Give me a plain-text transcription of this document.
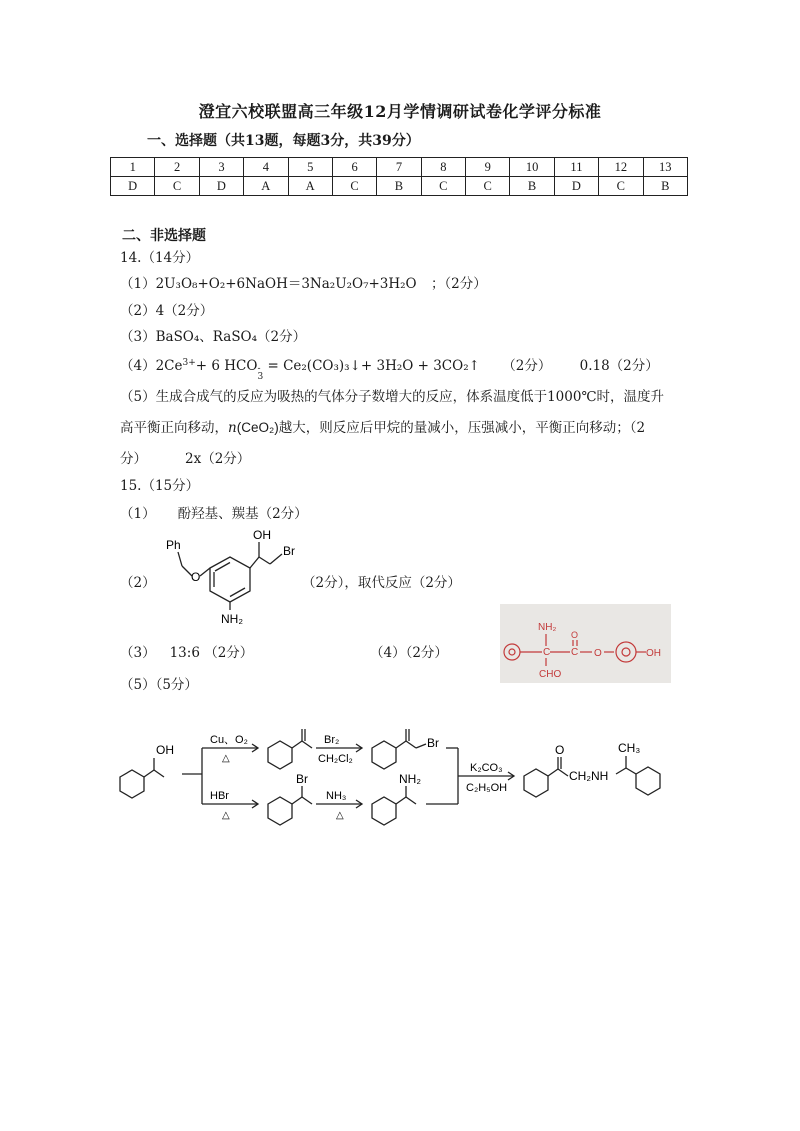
澄宜六校联盟高三年级12月学情调研试卷化学评分标准
一、选择题（共13题，每题3分，共39分）
1	2	3	4	5	6	7	8	9	10	11	12	13
D	C	D	A	A	C	B	C	C	B	D	C	B
二、非选择题
14.（14分）
（1）2U₃O₈+O₂+6NaOH＝3Na₂U₂O₇+3H₂O ；（2分）
（2）4（2分）
（3）BaSO₄、RaSO₄（2分）
$(4)2Ce^{3+}+ 6$ HCO -
3
= Ce₂(CO₃)₃↓+ 3H₂O + 3CO₂↑ （2分） 0.18（2分）
（5）生成合成气的反应为吸热的气体分子数增大的反应，体系温度低于1000℃时，温度升
高平衡正向移动，n(CeO₂)越大，则反应后甲烷的量减小，压强减小，平衡正向移动；（2
分）	2x（2分）
15.（15分）
（1） 酚羟基、羰基（2分）
（2）	（2分），取代反应（2分）
OH
Br
Ph
O
NH₂
（3） 13:6 （2分）	（4）（2分）
（5）（5分）
C C
NH₂
O
O
CHO
OH
OH
Cu、O₂
△
Br₂
CH₂Cl₂
Br
HBr
△
Br
NH₃
△
NH₂
K₂CO₃
C₂H₅OH
O
CH₂NH
CH₃
